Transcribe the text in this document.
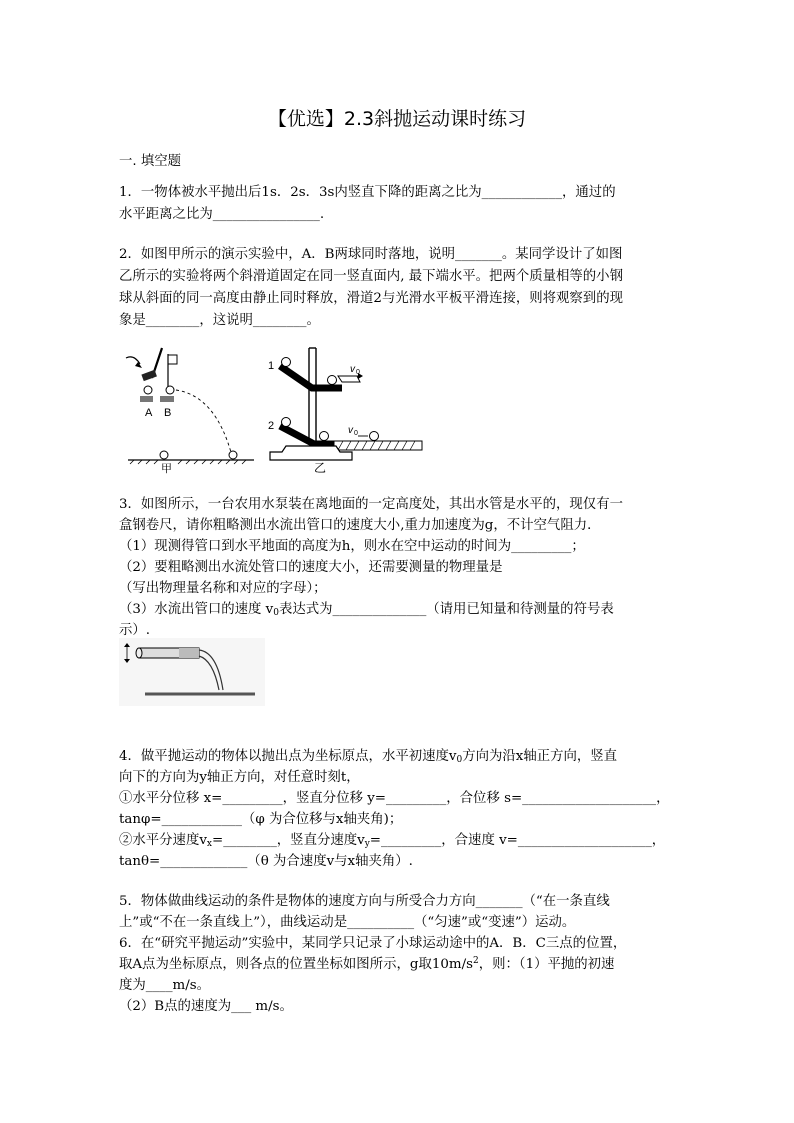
【优选】2.3斜抛运动课时练习
一. 填空题
1．一物体被水平抛出后1s．2s．3s内竖直下降的距离之比为____________，通过的
水平距离之比为________________.
2．如图甲所示的演示实验中，A．B两球同时落地，说明_______。某同学设计了如图
乙所示的实验将两个斜滑道固定在同一竖直面内, 最下端水平。把两个质量相等的小钢
球从斜面的同一高度由静止同时释放，滑道2与光滑水平板平滑连接，则将观察到的现
象是________，这说明________。
A B
甲
1
2
v 0
v 0
乙
3．如图所示，一台农用水泵装在离地面的一定高度处，其出水管是水平的，现仅有一
盒钢卷尺，请你粗略测出水流出管口的速度大小,重力加速度为g，不计空气阻力．
（1）现测得管口到水平地面的高度为h，则水在空中运动的时间为_________；
（2）要粗略测出水流处管口的速度大小，还需要测量的物理量是
（写出物理量名称和对应的字母）；
（3）水流出管口的速度 $v_0$表达式为______________（请用已知量和待测量的符号表
示）.
4．做平抛运动的物体以抛出点为坐标原点，水平初速度$v_0$方向为沿x轴正方向，竖直
向下的方向为y轴正方向，对任意时刻t，
①水平分位移 x=_________，竖直分位移 y=_________，合位移 s=____________________，
tanφ=____________（φ 为合位移与x轴夹角)；
②水平分速度$v_x=\_\_\_\_\_\_\_\_$，竖直分速度$v_y=\_\_\_\_\_\_\_\_\_$，合速度 v=____________________，
tanθ=_____________（θ 为合速度v与x轴夹角）.
5．物体做曲线运动的条件是物体的速度方向与所受合力方向_______（“在一条直线
上”或“不在一条直线上”），曲线运动是__________（“匀速”或“变速”）运动。
6．在“研究平抛运动”实验中，某同学只记录了小球运动途中的A．B．C三点的位置，
取A点为坐标原点，则各点的位置坐标如图所示，g取$10m/s^2$，则：（1）平抛的初速
度为____m/s。
（2）B点的速度为___ m/s。
